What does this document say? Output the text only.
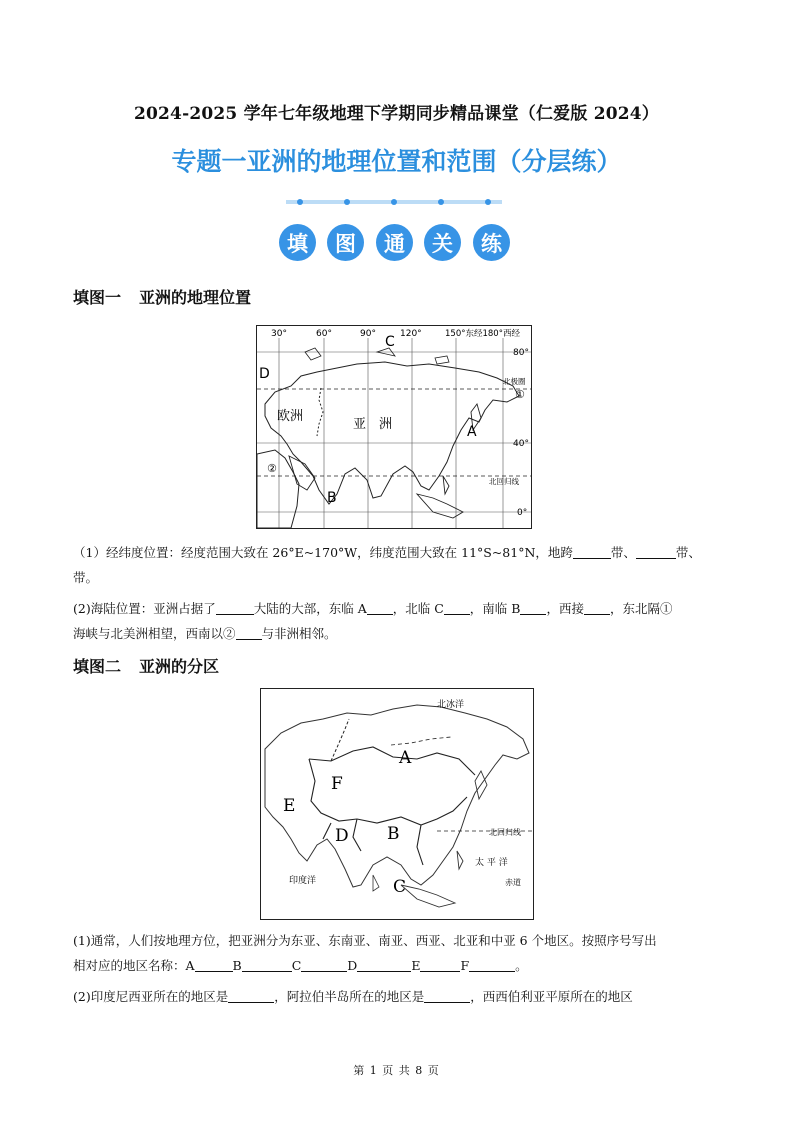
2024-2025 学年七年级地理下学期同步精品课堂（仁爱版 2024）
专题一亚洲的地理位置和范围（分层练）
填	图	通	关	练
填图一 亚洲的地理位置
30°	60°	90°	120°	150°东经180°西经
80°
40°
0°
北极圈
北回归线
欧洲
亚　洲	A
B
C
D
①
②
（1）经纬度位置：经度范围大致在 26°E~170°W，纬度范围大致在 11°S~81°N，地跨	带、	带、
带。
(2)海陆位置：亚洲占据了	大陆的大部，东临 A ，北临 C ，南临 B ，西接 ，东北隔①
海峡与北美洲相望，西南以② 与非洲相邻。
填图二 亚洲的分区
北冰洋
北回归线
太 平 洋
印度洋	赤道
A
B
C
D
E
F
(1)通常，人们按地理方位，把亚洲分为东亚、东南亚、南亚、西亚、北亚和中亚 6 个地区。按照序号写出
相对应的地区名称：A	B	C	D	E	F	。
(2)印度尼西亚所在的地区是	，阿拉伯半岛所在的地区是	，西西伯利亚平原所在的地区
第 1 页 共 8 页
